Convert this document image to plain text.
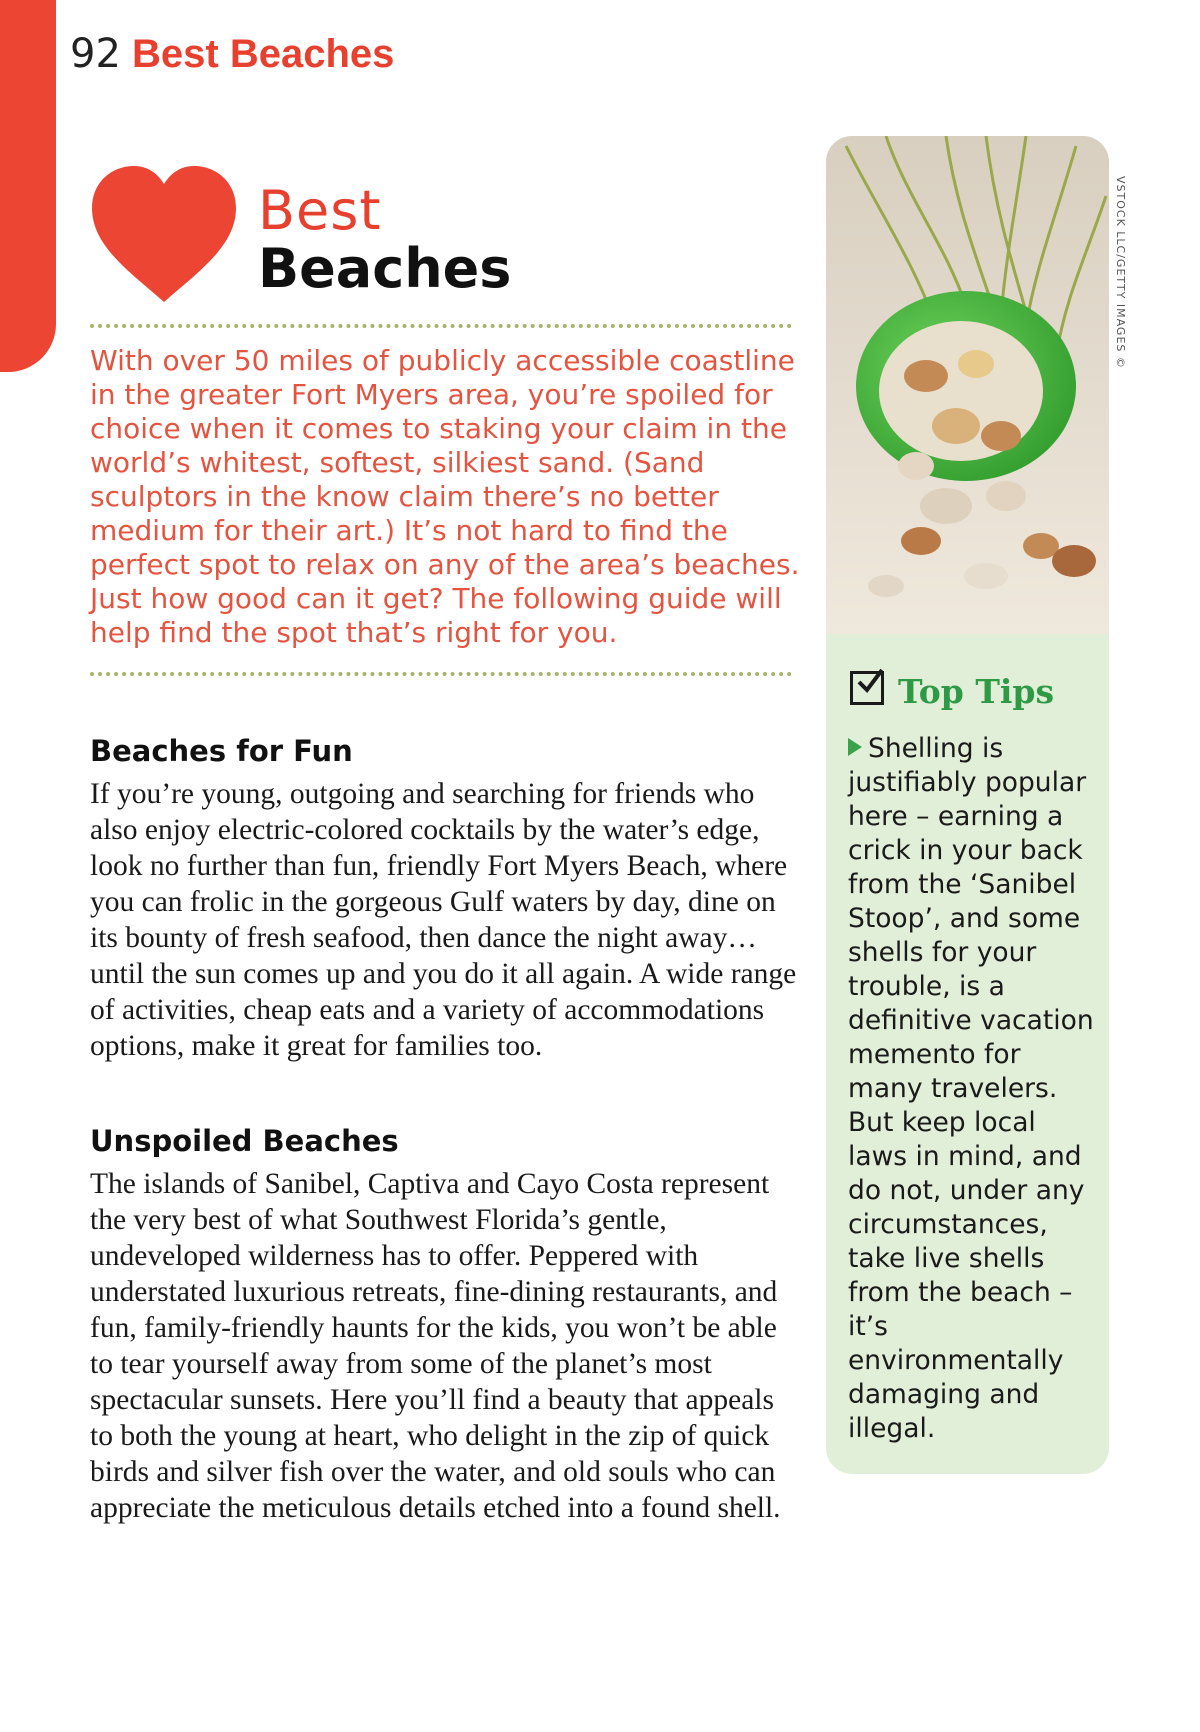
92 Best Beaches
Best
Beaches

With over 50 miles of publicly accessible coastline in the greater Fort Myers area, you’re spoiled for choice when it comes to staking your claim in the world’s whitest, softest, silkiest sand. (Sand sculptors in the know claim there’s no better medium for their art.) It’s not hard to find the perfect spot to relax on any of the area’s beaches. Just how good can it get? The following guide will help find the spot that’s right for you.

Beaches for Fun

If you’re young, outgoing and searching for friends who also enjoy electric-colored cocktails by the water’s edge, look no further than fun, friendly Fort Myers Beach, where you can frolic in the gorgeous Gulf waters by day, dine on its bounty of fresh seafood, then dance the night away…until the sun comes up and you do it all again. A wide range of activities, cheap eats and a variety of accommodations options, make it great for families too.

Unspoiled Beaches

The islands of Sanibel, Captiva and Cayo Costa represent the very best of what Southwest Florida’s gentle, undeveloped wilderness has to offer. Peppered with understated luxurious retreats, fine-dining restaurants, and fun, family-friendly haunts for the kids, you won’t be able to tear yourself away from some of the planet’s most spectacular sunsets. Here you’ll find a beauty that appeals to both the young at heart, who delight in the zip of quick birds and silver fish over the water, and old souls who can appreciate the meticulous details etched into a found shell.

Top Tips

Shelling is justifiably popular here – earning a crick in your back from the ‘Sanibel Stoop’, and some shells for your trouble, is a definitive vacation memento for many travelers. But keep local laws in mind, and do not, under any circumstances, take live shells from the beach – it’s environmentally damaging and illegal.

VSTOCK LLC/GETTY IMAGES ©
